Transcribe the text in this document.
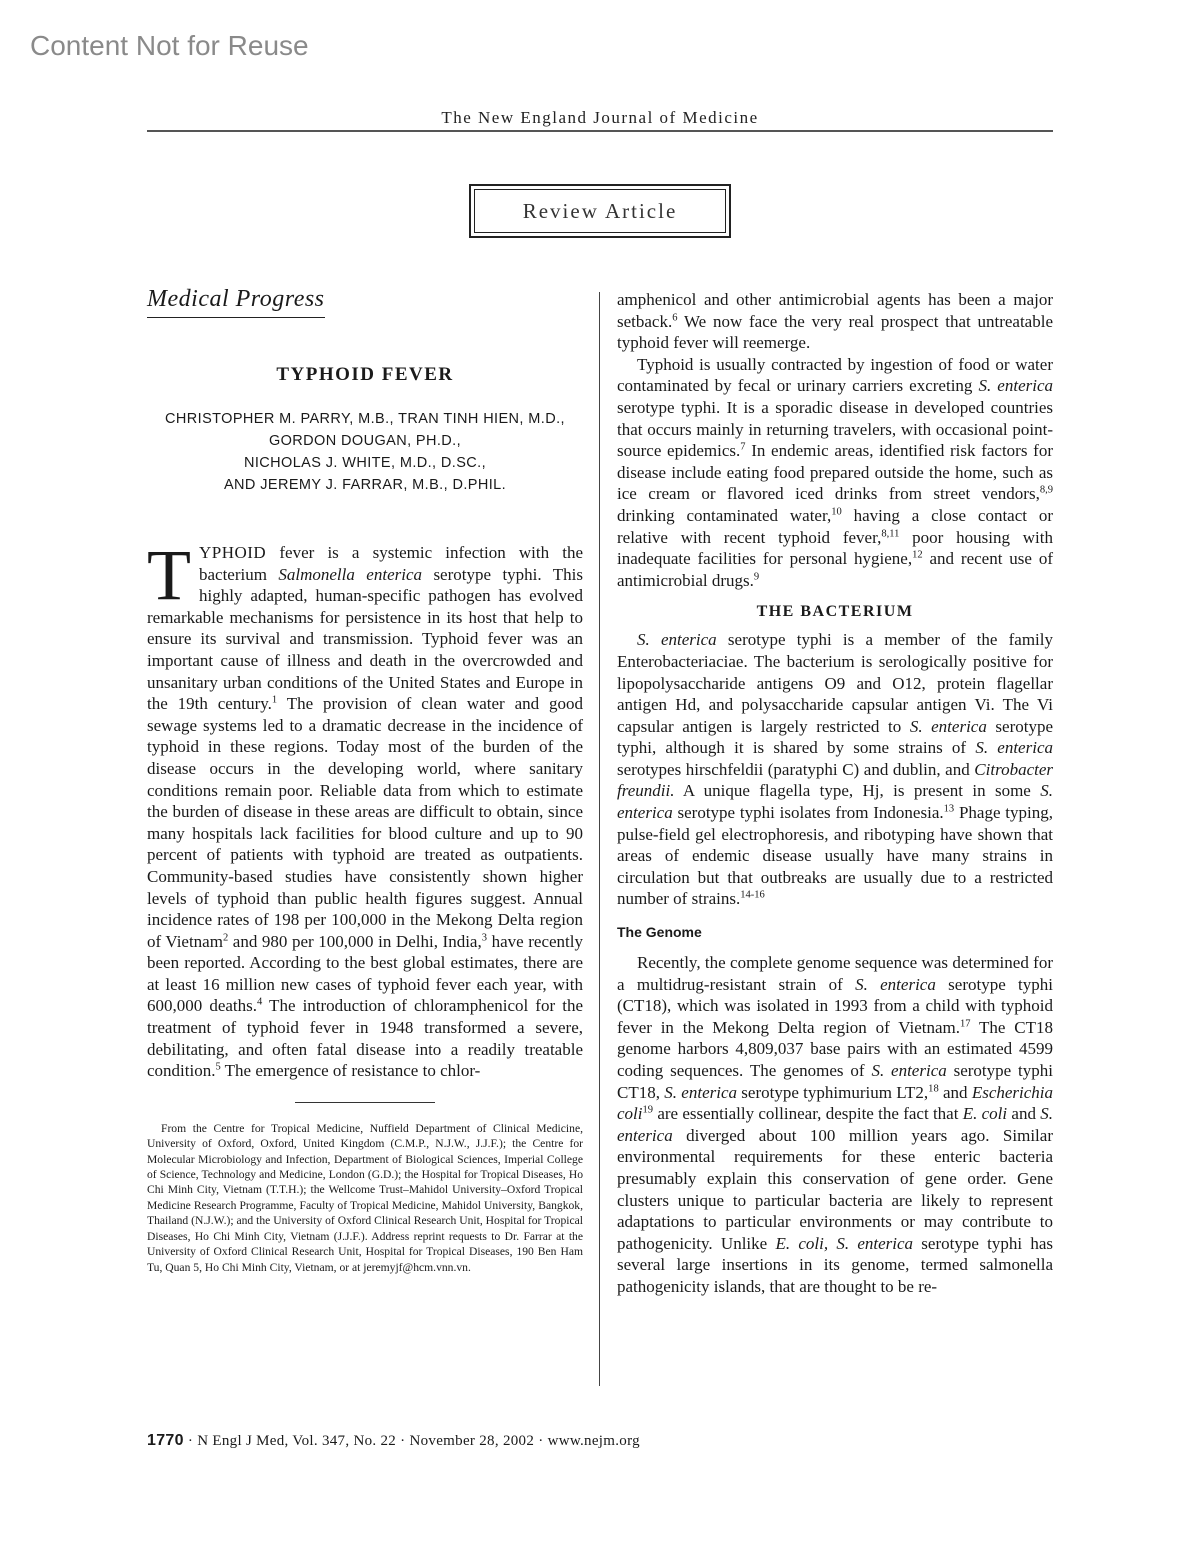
Content Not for Reuse
The New England Journal of Medicine
Review Article
Medical Progress
TYPHOID FEVER
CHRISTOPHER M. PARRY, M.B., TRAN TINH HIEN, M.D.,
GORDON DOUGAN, PH.D.,
NICHOLAS J. WHITE, M.D., D.SC.,
AND JEREMY J. FARRAR, M.B., D.PHIL.

TYPHOID fever is a systemic infection with the bacterium Salmonella enterica serotype typhi. This highly adapted, human-specific pathogen has evolved remarkable mechanisms for persistence in its host that help to ensure its survival and transmission. Typhoid fever was an important cause of illness and death in the overcrowded and unsanitary urban conditions of the United States and Europe in the 19th century.$^1$ The provision of clean water and good sewage systems led to a dramatic decrease in the incidence of typhoid in these regions. Today most of the burden of the disease occurs in the developing world, where sanitary conditions remain poor. Reliable data from which to estimate the burden of disease in these areas are difficult to obtain, since many hospitals lack facilities for blood culture and up to 90 percent of patients with typhoid are treated as outpatients. Community-based studies have consistently shown higher levels of typhoid than public health figures suggest. Annual incidence rates of 198 per 100,000 in the Mekong Delta region of Vietnam$^2$ and 980 per 100,000 in Delhi, India,$^3$ have recently been reported. According to the best global estimates, there are at least 16 million new cases of typhoid fever each year, with 600,000 deaths.$^4$ The introduction of chloramphenicol for the treatment of typhoid fever in 1948 transformed a severe, debilitating, and often fatal disease into a readily treatable condition.$^5$ The emergence of resistance to chlor-

From the Centre for Tropical Medicine, Nuffield Department of Clinical Medicine, University of Oxford, Oxford, United Kingdom (C.M.P., N.J.W., J.J.F.); the Centre for Molecular Microbiology and Infection, Department of Biological Sciences, Imperial College of Science, Technology and Medicine, London (G.D.); the Hospital for Tropical Diseases, Ho Chi Minh City, Vietnam (T.T.H.); the Wellcome Trust–Mahidol University–Oxford Tropical Medicine Research Programme, Faculty of Tropical Medicine, Mahidol University, Bangkok, Thailand (N.J.W.); and the University of Oxford Clinical Research Unit, Hospital for Tropical Diseases, Ho Chi Minh City, Vietnam (J.J.F.). Address reprint requests to Dr. Farrar at the University of Oxford Clinical Research Unit, Hospital for Tropical Diseases, 190 Ben Ham Tu, Quan 5, Ho Chi Minh City, Vietnam, or at jeremyjf@hcm.vnn.vn.

amphenicol and other antimicrobial agents has been a major setback.$^6$ We now face the very real prospect that untreatable typhoid fever will reemerge.

Typhoid is usually contracted by ingestion of food or water contaminated by fecal or urinary carriers excreting S. enterica serotype typhi. It is a sporadic disease in developed countries that occurs mainly in returning travelers, with occasional point-source epidemics.$^7$ In endemic areas, identified risk factors for disease include eating food prepared outside the home, such as ice cream or flavored iced drinks from street vendors,$^{8,9}$ drinking contaminated water,$^{10}$ having a close contact or relative with recent typhoid fever,$^{8,11}$ poor housing with inadequate facilities for personal hygiene,$^{12}$ and recent use of antimicrobial drugs.$^9$

THE BACTERIUM

S. enterica serotype typhi is a member of the family Enterobacteriaciae. The bacterium is serologically positive for lipopolysaccharide antigens O9 and O12, protein flagellar antigen Hd, and polysaccharide capsular antigen Vi. The Vi capsular antigen is largely restricted to S. enterica serotype typhi, although it is shared by some strains of S. enterica serotypes hirschfeldii (paratyphi C) and dublin, and Citrobacter freundii. A unique flagella type, Hj, is present in some S. enterica serotype typhi isolates from Indonesia.$^{13}$ Phage typing, pulse-field gel electrophoresis, and ribotyping have shown that areas of endemic disease usually have many strains in circulation but that outbreaks are usually due to a restricted number of strains.$^{14-16}$

The Genome

Recently, the complete genome sequence was determined for a multidrug-resistant strain of S. enterica serotype typhi (CT18), which was isolated in 1993 from a child with typhoid fever in the Mekong Delta region of Vietnam.$^{17}$ The CT18 genome harbors 4,809,037 base pairs with an estimated 4599 coding sequences. The genomes of S. enterica serotype typhi CT18, S. enterica serotype typhimurium LT2,18 and Escherichia coli$^{19}$ are essentially collinear, despite the fact that E. coli and S. enterica diverged about 100 million years ago. Similar environmental requirements for these enteric bacteria presumably explain this conservation of gene order. Gene clusters unique to particular bacteria are likely to represent adaptations to particular environments or may contribute to pathogenicity. Unlike E. coli, S. enterica serotype typhi has several large insertions in its genome, termed salmonella pathogenicity islands, that are thought to be re-

1770 · N Engl J Med, Vol. 347, No. 22 · November 28, 2002 · www.nejm.org
